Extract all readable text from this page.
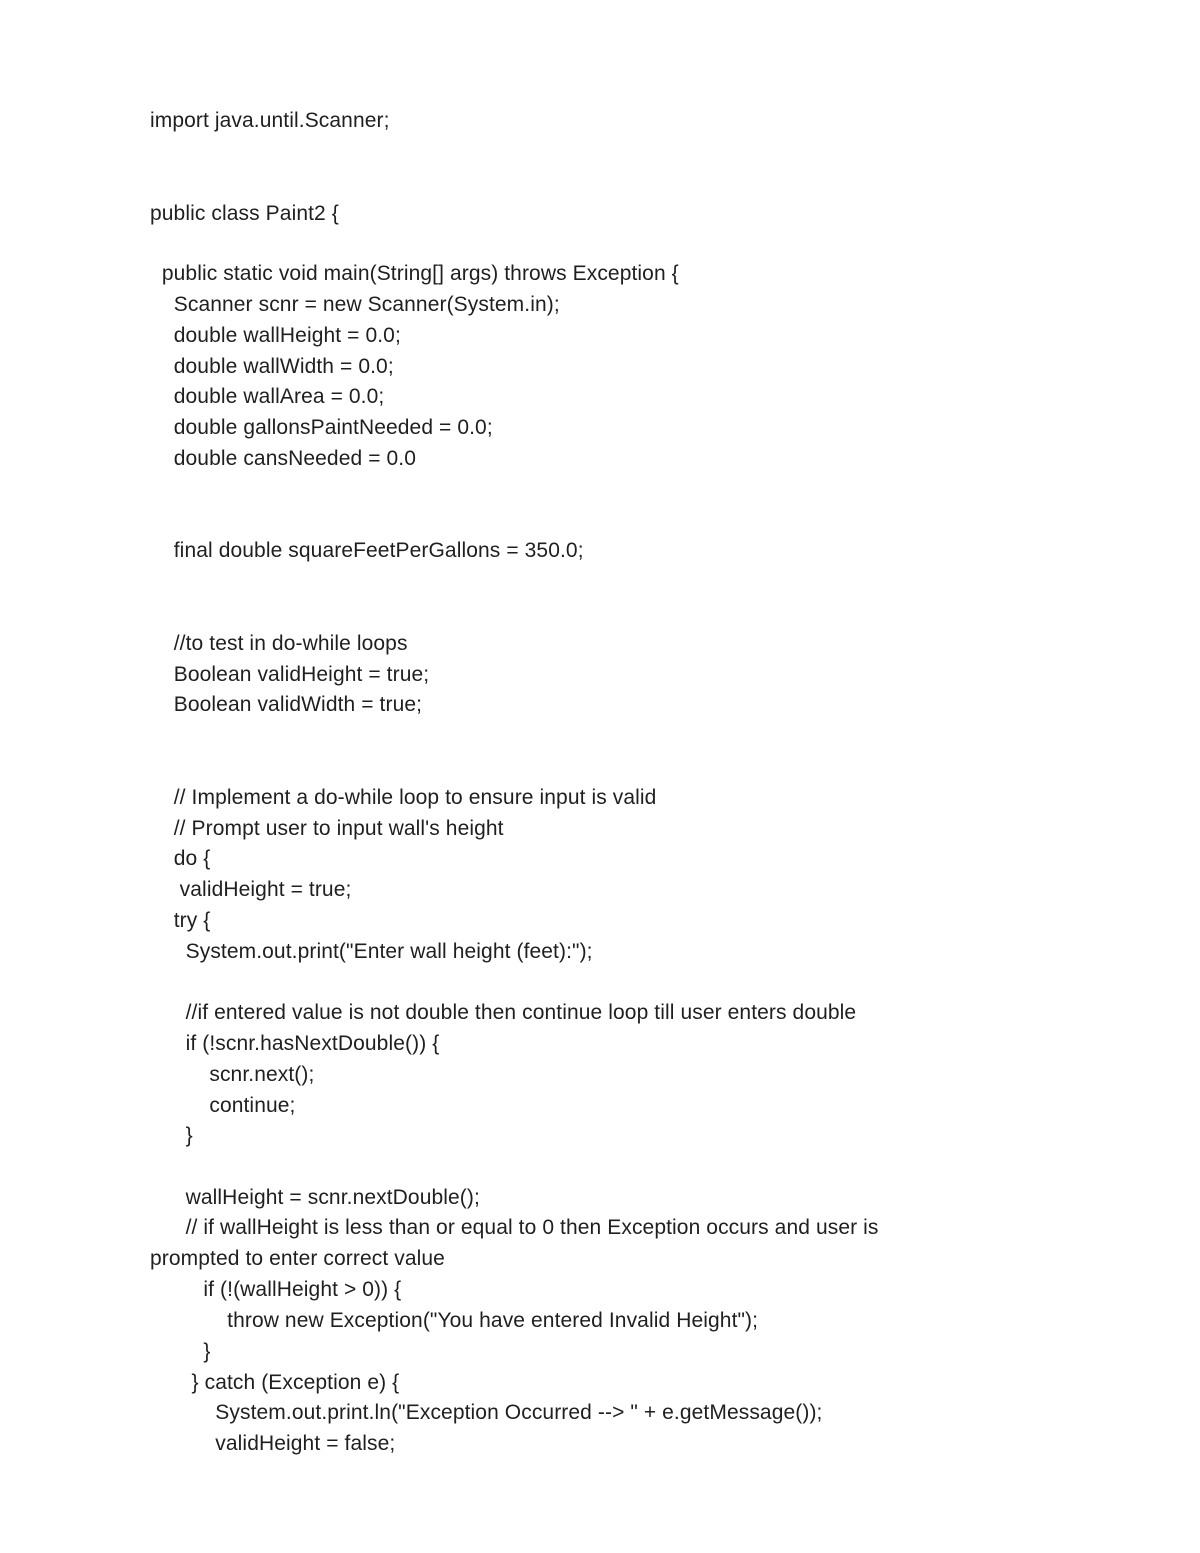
import java.until.Scanner;
public class Paint2 {
public static void main(String[] args) throws Exception {
Scanner scnr = new Scanner(System.in);
double wallHeight = 0.0;
double wallWidth = 0.0;
double wallArea = 0.0;
double gallonsPaintNeeded = 0.0;
double cansNeeded = 0.0
final double squareFeetPerGallons = 350.0;
//to test in do-while loops
Boolean validHeight = true;
Boolean validWidth = true;
// Implement a do-while loop to ensure input is valid
// Prompt user to input wall's height
do {
validHeight = true;
try {
System.out.print("Enter wall height (feet):");
//if entered value is not double then continue loop till user enters double
if (!scnr.hasNextDouble()) {
scnr.next();
continue;
}
wallHeight = scnr.nextDouble();
// if wallHeight is less than or equal to 0 then Exception occurs and user is
prompted to enter correct value
if (!(wallHeight > 0)) {
throw new Exception("You have entered Invalid Height");
}
} catch (Exception e) {
System.out.print.ln("Exception Occurred --> " + e.getMessage());
validHeight = false;
